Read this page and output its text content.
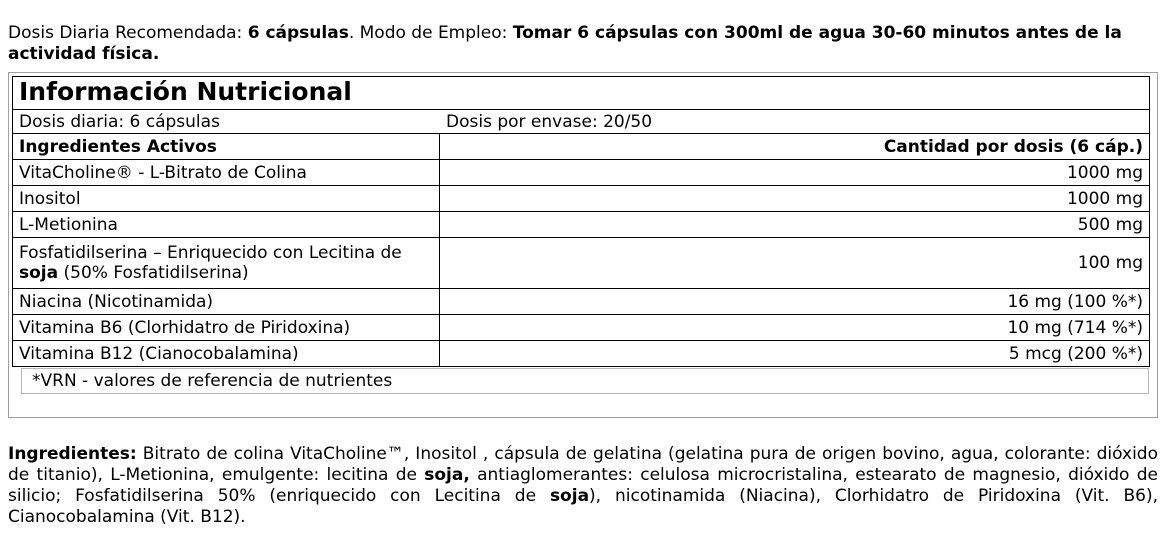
Dosis Diaria Recomendada: 6 cápsulas. Modo de Empleo: Tomar 6 cápsulas con 300ml de agua 30-60 minutos antes de la actividad física.
Información Nutricional
Dosis diaria: 6 cápsulas Dosis por envase: 20/50	
Ingredientes Activos	Cantidad por dosis (6 cáp.)
VitaCholine® - L-Bitrato de Colina	1000 mg
Inositol	1000 mg
L-Metionina	500 mg
Fosfatidilserina – Enriquecido con Lecitina de soja (50% Fosfatidilserina)	100 mg
Niacina (Nicotinamida)	16 mg (100 %*)
Vitamina B6 (Clorhidatro de Piridoxina)	10 mg (714 %*)
Vitamina B12 (Cianocobalamina)	5 mcg (200 %*)
*VRN - valores de referencia de nutrientes
Ingredientes: Bitrato de colina VitaCholine™, Inositol , cápsula de gelatina (gelatina pura de origen bovino, agua, colorante: dióxido de titanio), L-Metionina, emulgente: lecitina de soja, antiaglomerantes: celulosa microcristalina, estearato de magnesio, dióxido de silicio; Fosfatidilserina 50% (enriquecido con Lecitina de soja), nicotinamida (Niacina), Clorhidatro de Piridoxina (Vit. B6), Cianocobalamina (Vit. B12).
